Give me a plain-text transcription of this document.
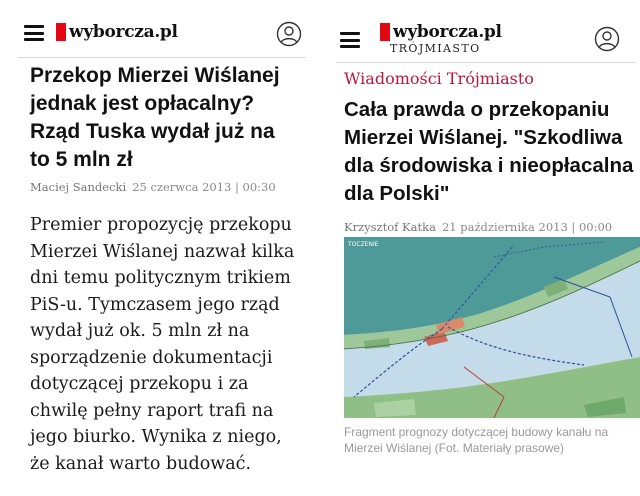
wyborcza.pl
Przekop Mierzei Wiślanej jednak jest opłacalny? Rząd Tuska wydał już na to 5 mln zł
Maciej Sandecki 25 czerwca 2013 | 00:30
Premier propozycję przekopu Mierzei Wiślanej nazwał kilka dni temu politycznym trikiem PiS-u. Tymczasem jego rząd wydał już ok. 5 mln zł na sporządzenie dokumentacji dotyczącej przekopu i za chwilę pełny raport trafi na jego biurko. Wynika z niego, że kanał warto budować.
wyborcza.pl
TRÓJMIASTO
Wiadomości Trójmiasto
Cała prawda o przekopaniu Mierzei Wiślanej. "Szkodliwa dla środowiska i nieopłacalna dla Polski"
Krzysztof Katka 21 października 2013 | 00:00
TOCZENIE
Fragment prognozy dotyczącej budowy kanału na Mierzei Wiślanej (Fot. Materiały prasowe)
